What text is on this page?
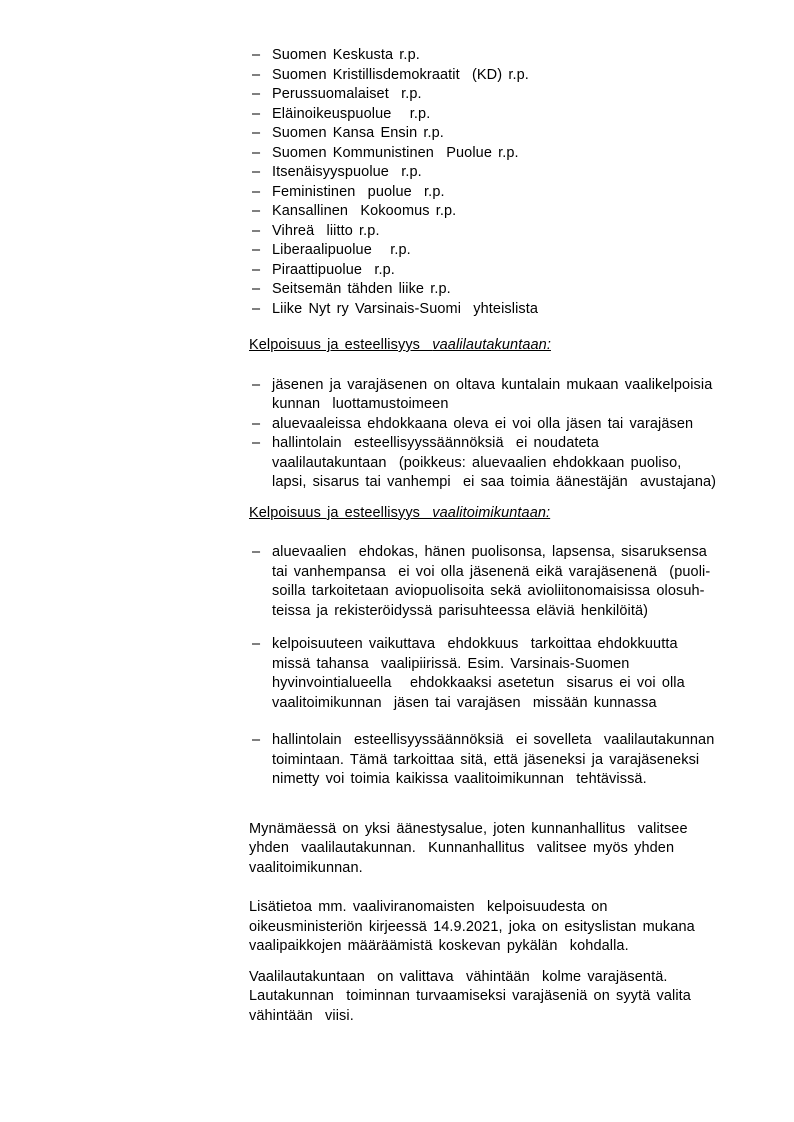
– Suomen Keskusta r.p.
– Suomen Kristillisdemokraatit  (KD) r.p.
– Perussuomalaiset  r.p.
– Eläinoikeuspuolue   r.p.
– Suomen Kansa Ensin r.p.
– Suomen Kommunistinen  Puolue r.p.
– Itsenäisyyspuolue  r.p.
– Feministinen  puolue  r.p.
– Kansallinen  Kokoomus r.p.
– Vihreä  liitto r.p.
– Liberaalipuolue   r.p.
– Piraattipuolue  r.p.
– Seitsemän tähden liike r.p.
– Liike Nyt ry Varsinais-Suomi  yhteislista
Kelpoisuus ja esteellisyys  vaalilautakuntaan:
– jäsenen ja varajäsenen on oltava kuntalain mukaan vaalikelpoisia
kunnan  luottamustoimeen
– aluevaaleissa ehdokkaana oleva ei voi olla jäsen tai varajäsen
– hallintolain  esteellisyyssäännöksiä  ei noudateta
vaalilautakuntaan  (poikkeus: aluevaalien ehdokkaan puoliso,
lapsi, sisarus tai vanhempi  ei saa toimia äänestäjän  avustajana)
Kelpoisuus ja esteellisyys  vaalitoimikuntaan:
– aluevaalien  ehdokas, hänen puolisonsa, lapsensa, sisaruksensa
tai vanhempansa  ei voi olla jäsenenä eikä varajäsenenä  (puoli-
soilla tarkoitetaan aviopuolisoita sekä avioliitonomaisissa olosuh-
teissa ja rekisteröidyssä parisuhteessa eläviä henkilöitä)
– kelpoisuuteen vaikuttava  ehdokkuus  tarkoittaa ehdokkuutta
missä tahansa  vaalipiirissä. Esim. Varsinais-Suomen
hyvinvointialueella   ehdokkaaksi asetetun  sisarus ei voi olla
vaalitoimikunnan  jäsen tai varajäsen  missään kunnassa
– hallintolain  esteellisyyssäännöksiä  ei sovelleta  vaalilautakunnan
toimintaan. Tämä tarkoittaa sitä, että jäseneksi ja varajäseneksi
nimetty voi toimia kaikissa vaalitoimikunnan  tehtävissä.
Mynämäessä on yksi äänestysalue, joten kunnanhallitus  valitsee
yhden  vaalilautakunnan.  Kunnanhallitus  valitsee myös yhden
vaalitoimikunnan.
Lisätietoa mm. vaaliviranomaisten  kelpoisuudesta on
oikeusministeriön kirjeessä 14.9.2021, joka on esityslistan mukana
vaalipaikkojen määräämistä koskevan pykälän  kohdalla.
Vaalilautakuntaan  on valittava  vähintään  kolme varajäsentä.
Lautakunnan  toiminnan turvaamiseksi varajäseniä on syytä valita
vähintään  viisi.
